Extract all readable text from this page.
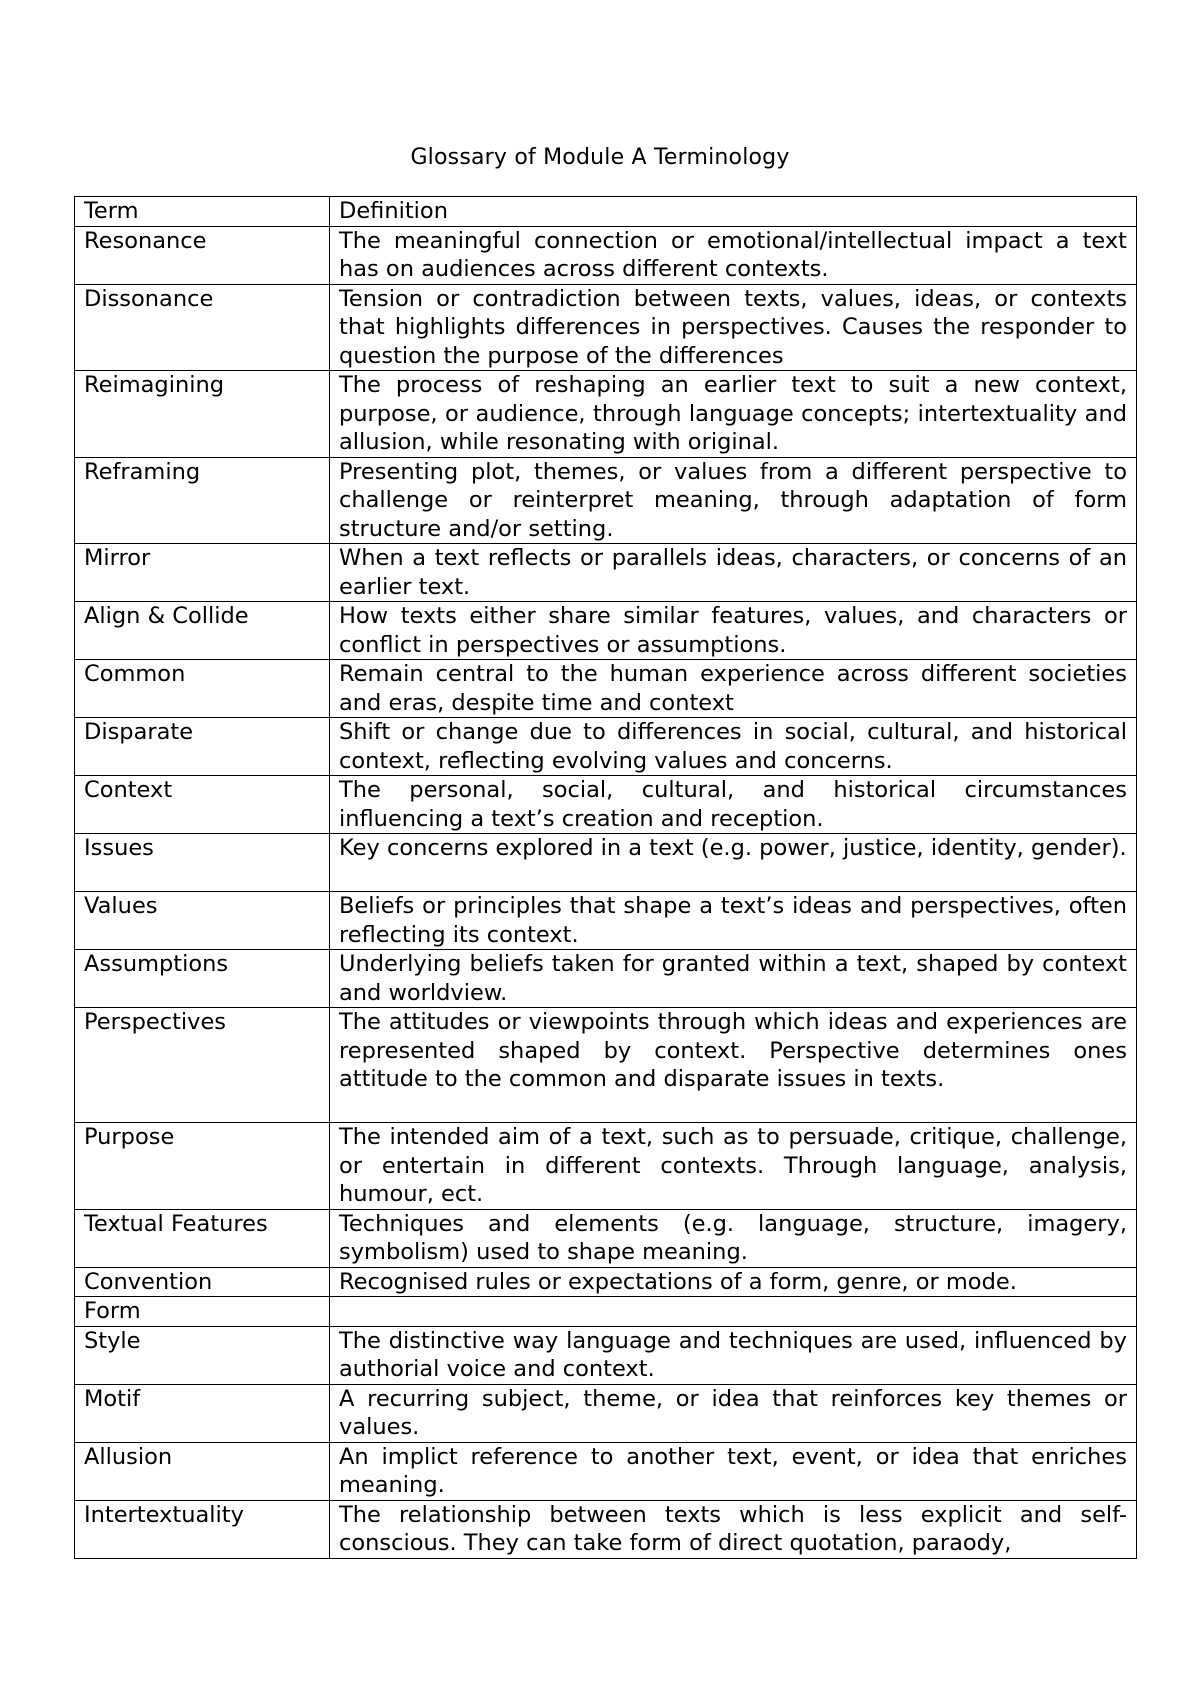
Glossary of Module A Terminology
Term	Definition
Resonance	The meaningful connection or emotional/intellectual impact a text has on audiences across different contexts.
Dissonance	Tension or contradiction between texts, values, ideas, or contexts that highlights differences in perspectives. Causes the responder to question the purpose of the differences
Reimagining	The process of reshaping an earlier text to suit a new context, purpose, or audience, through language concepts; intertextuality and allusion, while resonating with original.
Reframing	Presenting plot, themes, or values from a different perspective to challenge or reinterpret meaning, through adaptation of form structure and/or setting.
Mirror	When a text reflects or parallels ideas, characters, or concerns of an earlier text.
Align & Collide	How texts either share similar features, values, and characters or conflict in perspectives or assumptions.
Common	Remain central to the human experience across different societies and eras, despite time and context
Disparate	Shift or change due to differences in social, cultural, and historical context, reflecting evolving values and concerns.
Context	The personal, social, cultural, and historical circumstances influencing a text’s creation and reception.
Issues	Key concerns explored in a text (e.g. power, justice, identity, gender).
Values	Beliefs or principles that shape a text’s ideas and perspectives, often reflecting its context.
Assumptions	Underlying beliefs taken for granted within a text, shaped by context and worldview.
Perspectives	The attitudes or viewpoints through which ideas and experiences are represented shaped by context. Perspective determines ones attitude to the common and disparate issues in texts.
Purpose	The intended aim of a text, such as to persuade, critique, challenge, or entertain in different contexts. Through language, analysis, humour, ect.
Textual Features	Techniques and elements (e.g. language, structure, imagery, symbolism) used to shape meaning.
Convention	Recognised rules or expectations of a form, genre, or mode.
Form	
Style	The distinctive way language and techniques are used, influenced by authorial voice and context.
Motif	A recurring subject, theme, or idea that reinforces key themes or values.
Allusion	An implict reference to another text, event, or idea that enriches meaning.
Intertextuality	The relationship between texts which is less explicit and self-conscious. They can take form of direct quotation, paraody,
